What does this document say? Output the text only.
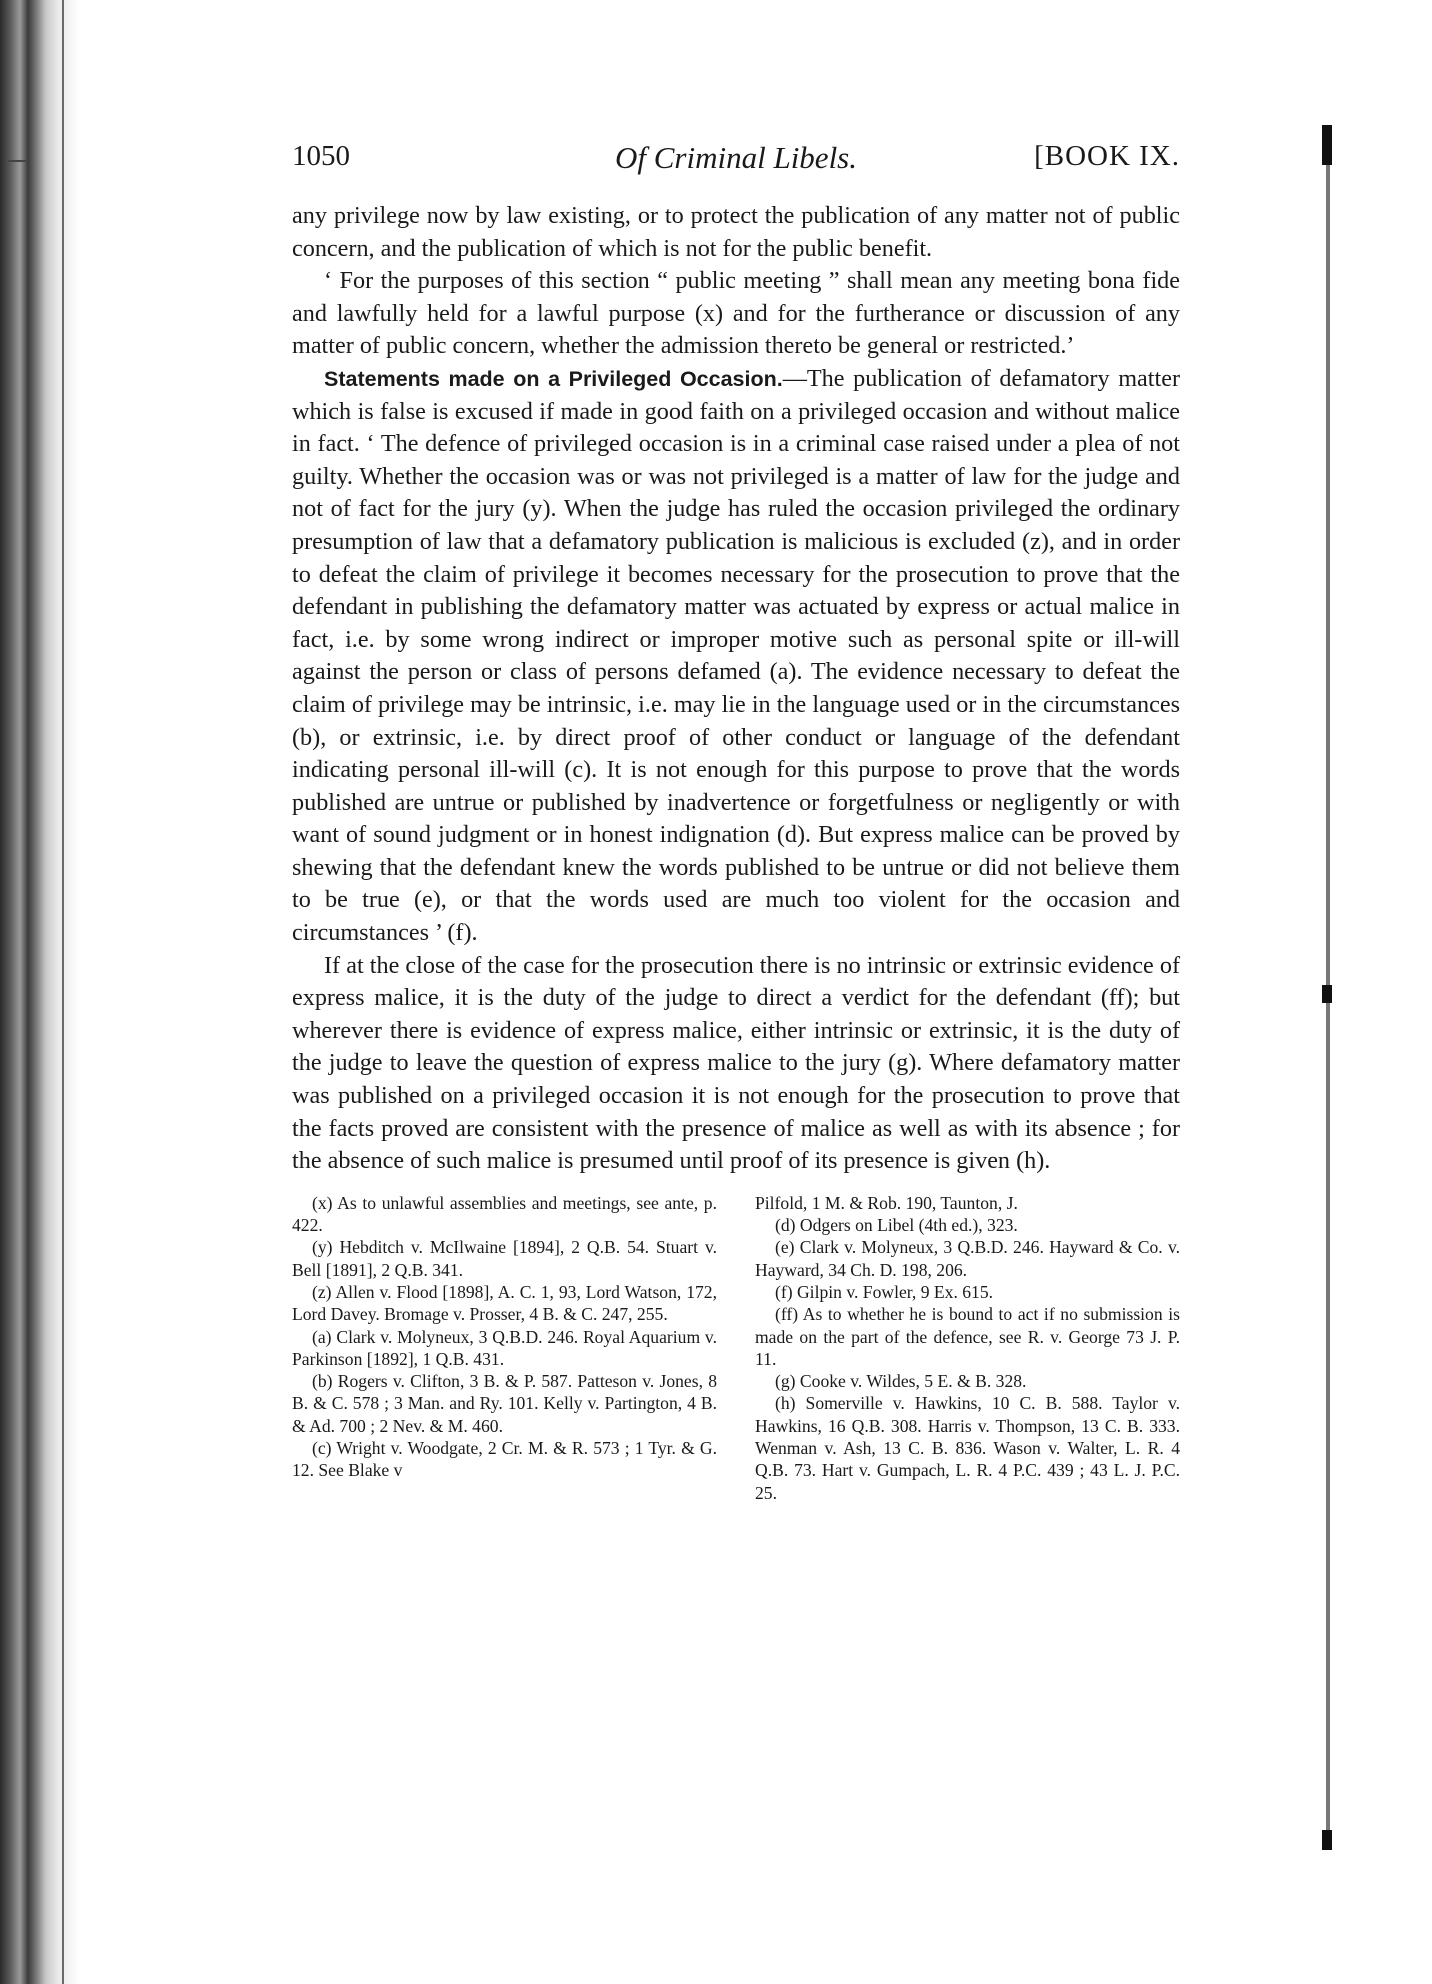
1050	Of Criminal Libels.	[BOOK IX.

any privilege now by law existing, or to protect the publication of any matter not of public concern, and the publication of which is not for the public benefit.

‘ For the purposes of this section “ public meeting ” shall mean any meeting bona fide and lawfully held for a lawful purpose (x) and for the furtherance or discussion of any matter of public concern, whether the admission thereto be general or restricted.’

Statements made on a Privileged Occasion.—The publication of defamatory matter which is false is excused if made in good faith on a privileged occasion and without malice in fact. ‘ The defence of privileged occasion is in a criminal case raised under a plea of not guilty. Whether the occasion was or was not privileged is a matter of law for the judge and not of fact for the jury (y). When the judge has ruled the occasion privileged the ordinary presumption of law that a defamatory publication is malicious is excluded (z), and in order to defeat the claim of privilege it becomes necessary for the prosecution to prove that the defendant in publishing the defamatory matter was actuated by express or actual malice in fact, i.e. by some wrong indirect or improper motive such as personal spite or ill-will against the person or class of persons defamed (a). The evidence necessary to defeat the claim of privilege may be intrinsic, i.e. may lie in the language used or in the circumstances (b), or extrinsic, i.e. by direct proof of other conduct or language of the defendant indicating personal ill-will (c). It is not enough for this purpose to prove that the words published are untrue or published by inadvertence or forgetfulness or negligently or with want of sound judgment or in honest indignation (d). But express malice can be proved by shewing that the defendant knew the words published to be untrue or did not believe them to be true (e), or that the words used are much too violent for the occasion and circumstances ’ (f).

If at the close of the case for the prosecution there is no intrinsic or extrinsic evidence of express malice, it is the duty of the judge to direct a verdict for the defendant (ff); but wherever there is evidence of express malice, either intrinsic or extrinsic, it is the duty of the judge to leave the question of express malice to the jury (g). Where defamatory matter was published on a privileged occasion it is not enough for the prosecution to prove that the facts proved are consistent with the presence of malice as well as with its absence ; for the absence of such malice is presumed until proof of its presence is given (h).

(x) As to unlawful assemblies and meetings, see ante, p. 422.

(y) Hebditch v. McIlwaine [1894], 2 Q.B. 54. Stuart v. Bell [1891], 2 Q.B. 341.

(z) Allen v. Flood [1898], A. C. 1, 93, Lord Watson, 172, Lord Davey. Bromage v. Prosser, 4 B. & C. 247, 255.

(a) Clark v. Molyneux, 3 Q.B.D. 246. Royal Aquarium v. Parkinson [1892], 1 Q.B. 431.

(b) Rogers v. Clifton, 3 B. & P. 587. Patteson v. Jones, 8 B. & C. 578 ; 3 Man. and Ry. 101. Kelly v. Partington, 4 B. & Ad. 700 ; 2 Nev. & M. 460.

(c) Wright v. Woodgate, 2 Cr. M. & R. 573 ; 1 Tyr. & G. 12. See Blake v

Pilfold, 1 M. & Rob. 190, Taunton, J.

(d) Odgers on Libel (4th ed.), 323.

(e) Clark v. Molyneux, 3 Q.B.D. 246. Hayward & Co. v. Hayward, 34 Ch. D. 198, 206.

(f) Gilpin v. Fowler, 9 Ex. 615.

(ff) As to whether he is bound to act if no submission is made on the part of the defence, see R. v. George 73 J. P. 11.

(g) Cooke v. Wildes, 5 E. & B. 328.

(h) Somerville v. Hawkins, 10 C. B. 588. Taylor v. Hawkins, 16 Q.B. 308. Harris v. Thompson, 13 C. B. 333. Wenman v. Ash, 13 C. B. 836. Wason v. Walter, L. R. 4 Q.B. 73. Hart v. Gumpach, L. R. 4 P.C. 439 ; 43 L. J. P.C. 25.
